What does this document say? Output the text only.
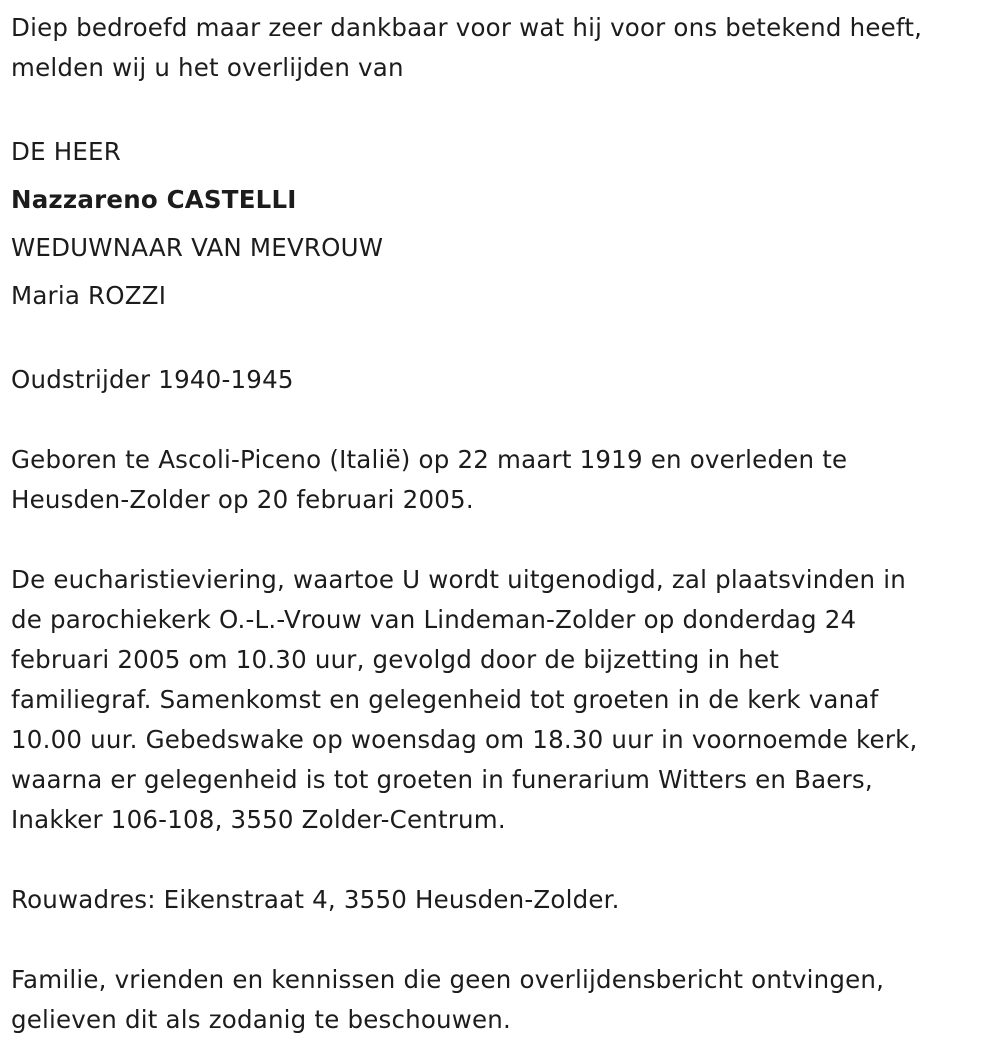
Diep bedroefd maar zeer dankbaar voor wat hij voor ons betekend heeft,
melden wij u het overlijden van
DE HEER
Nazzareno CASTELLI
WEDUWNAAR VAN MEVROUW
Maria ROZZI
Oudstrijder 1940-1945
Geboren te Ascoli-Piceno (Italië) op 22 maart 1919 en overleden te
Heusden-Zolder op 20 februari 2005.
De eucharistieviering, waartoe U wordt uitgenodigd, zal plaatsvinden in
de parochiekerk O.-L.-Vrouw van Lindeman-Zolder op donderdag 24
februari 2005 om 10.30 uur, gevolgd door de bijzetting in het
familiegraf. Samenkomst en gelegenheid tot groeten in de kerk vanaf
10.00 uur. Gebedswake op woensdag om 18.30 uur in voornoemde kerk,
waarna er gelegenheid is tot groeten in funerarium Witters en Baers,
Inakker 106-108, 3550 Zolder-Centrum.
Rouwadres: Eikenstraat 4, 3550 Heusden-Zolder.
Familie, vrienden en kennissen die geen overlijdensbericht ontvingen,
gelieven dit als zodanig te beschouwen.
